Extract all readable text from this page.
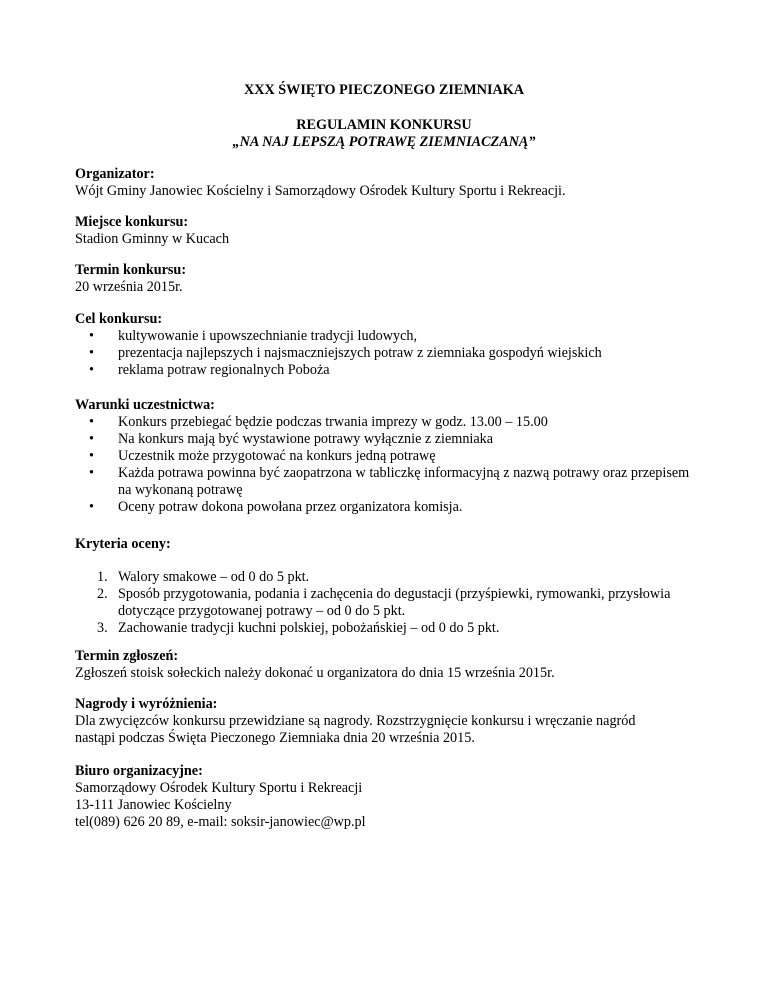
XXX ŚWIĘTO PIECZONEGO ZIEMNIAKA
REGULAMIN KONKURSU
„NA NAJ LEPSZĄ POTRAWĘ ZIEMNIACZANĄ”
Organizator:
Wójt Gminy Janowiec Kościelny i Samorządowy Ośrodek Kultury Sportu i Rekreacji.
Miejsce konkursu:
Stadion Gminny w Kucach
Termin konkursu:
20 września 2015r.
Cel konkursu:
• kultywowanie i upowszechnianie tradycji ludowych,
• prezentacja najlepszych i najsmaczniejszych potraw z ziemniaka gospodyń wiejskich
• reklama potraw regionalnych Poboża
Warunki uczestnictwa:
• Konkurs przebiegać będzie podczas trwania imprezy w godz. 13.00 – 15.00
• Na konkurs mają być wystawione potrawy wyłącznie z ziemniaka
• Uczestnik może przygotować na konkurs jedną potrawę
• Każda potrawa powinna być zaopatrzona w tabliczkę informacyjną z nazwą potrawy oraz przepisem na wykonaną potrawę
• Oceny potraw dokona powołana przez organizatora komisja.
Kryteria oceny:
1. Walory smakowe – od 0 do 5 pkt.
2. Sposób przygotowania, podania i zachęcenia do degustacji (przyśpiewki, rymowanki, przysłowia dotyczące przygotowanej potrawy – od 0 do 5 pkt.
3. Zachowanie tradycji kuchni polskiej, pobożańskiej – od 0 do 5 pkt.
Termin zgłoszeń:
Zgłoszeń stoisk sołeckich należy dokonać u organizatora do dnia 15 września 2015r.
Nagrody i wyróżnienia:
Dla zwycięzców konkursu przewidziane są nagrody. Rozstrzygnięcie konkursu i wręczanie nagród
nastąpi podczas Święta Pieczonego Ziemniaka dnia 20 września 2015.
Biuro organizacyjne:
Samorządowy Ośrodek Kultury Sportu i Rekreacji
13-111 Janowiec Kościelny
tel(089) 626 20 89, e-mail: soksir-janowiec@wp.pl
